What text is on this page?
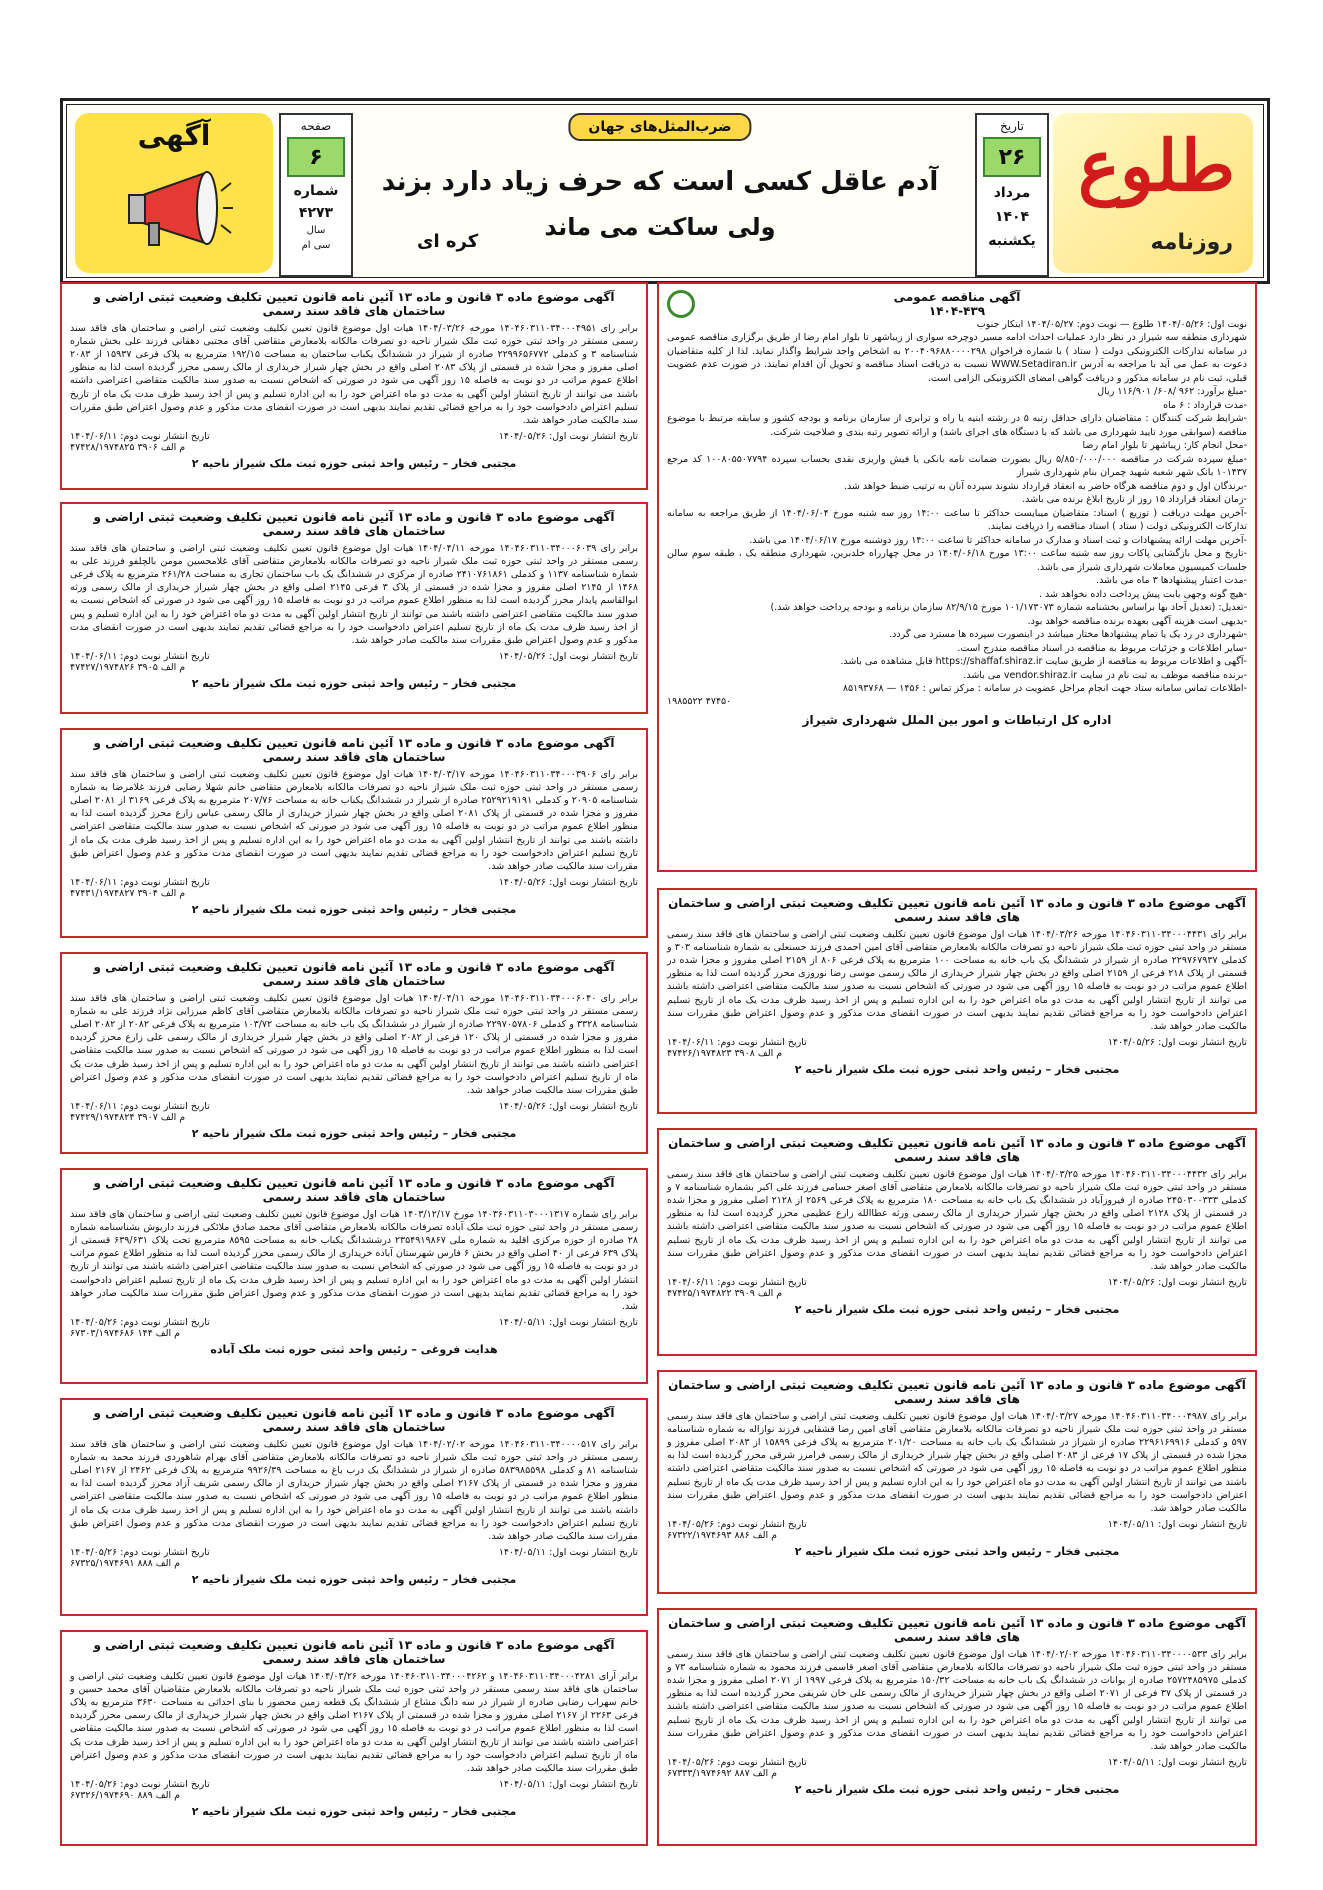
طلوع
روزنامه
تاریخ
۲۶
مرداد
۱۴۰۴
یکشنبه
ضرب‌المثل‌های جهان
آدم عاقل کسی است که حرف زیاد دارد بزند
ولی ساکت می ماند
کره ای
صفحه
۶
شماره
۴۲۷۳
سال
سی ام
آگهی
آگهی مناقصه عمومی
۱۴۰۴-۴۳۹
نوبت اول: ۱۴۰۴/۰۵/۲۶ طلوع — نوبت دوم: ۱۴۰۴/۰۵/۲۷ ابتکار جنوب
شهرداری منطقه سه شیراز در نظر دارد عملیات احداث ادامه مسیر دوچرخه سواری از زیباشهر تا بلوار امام رضا از طریق برگزاری مناقصه عمومی در سامانه تدارکات الکترونیکی دولت ( ستاد ) با شماره فراخوان ۲۰۰۴۰۹۶۸۸۰۰۰۰۲۹۸ به اشخاص واجد شرایط واگذار نماید. لذا از کلیه متقاضیان دعوت به عمل می آید با مراجعه به آدرس WWW.Setadiran.ir نسبت به دریافت اسناد مناقصه و تحویل آن اقدام نمایند. در صورت عدم عضویت قبلی، ثبت نام در سامانه مذکور و دریافت گواهی امضای الکترونیکی الزامی است.
-مبلغ برآورد: ۹۶۲ /۶۰۸/ ۱۱۶/۹۰۱ ریال
-مدت قرارداد : ۶ ماه
-شرایط شرکت کنندگان : متقاضیان دارای حداقل رتبه ۵ در رشته ابنیه یا راه و ترابری از سازمان برنامه و بودجه کشور و سابقه مرتبط با موضوع مناقصه (سوابقی مورد تایید شهرداری می باشد که با دستگاه های اجرای باشد) و ارائه تصویر رتبه بندی و صلاحیت شرکت.
-محل انجام کار: زیباشهر تا بلوار امام رضا
-مبلغ سپرده شرکت در مناقصه ۵/۸۵۰/۰۰۰/۰۰۰ ریال بصورت ضمانت نامه بانکی یا فیش واریزی نقدی بحساب سپرده ۱۰۰۸۰۵۵۰۷۷۹۴ کد مرجع ۱۰۱۴۳۷ بانک شهر شعبه شهید چمران بنام شهرداری شیراز
-برندگان اول و دوم مناقصه هرگاه حاضر به انعقاد قرارداد نشوند سپرده آنان به ترتیب ضبط خواهد شد.
-زمان انعقاد قرارداد ۱۵ روز از تاریخ ابلاغ برنده می باشد.
-آخرین مهلت دریافت ( توزیع ) اسناد: متقاضیان میبایست حداکثر تا ساعت ۱۴:۰۰ روز سه شنبه مورخ ۱۴۰۴/۰۶/۰۴ از طریق مراجعه به سامانه تدارکات الکترونیکی دولت ( ستاد ) اسناد مناقصه را دریافت نمایند.
-آخرین مهلت ارائه پیشنهادات و ثبت اسناد و مدارک در سامانه حداکثر تا ساعت ۱۴:۰۰ روز دوشنبه مورخ ۱۴۰۴/۰۶/۱۷ می باشد.
-تاریخ و محل بازگشایی پاکات روز سه شنبه ساعت ۱۳:۰۰ مورخ ۱۴۰۴/۰۶/۱۸ در محل چهارراه خلدبرین، شهرداری منطقه یک ، طبقه سوم سالن جلسات کمیسیون معاملات شهرداری شیراز می باشد.
-مدت اعتبار پیشنهادها ۳ ماه می باشد.
-هیچ گونه وجهی بابت پیش پرداخت داده نخواهد شد .
-تعدیل: (تعدیل آحاد بها براساس بخشنامه شماره ۱۰۱/۱۷۳۰۷۳ مورخ ۸۲/۹/۱۵ سازمان برنامه و بودجه پرداخت خواهد شد.)
-بدیهی است هزینه آگهی بعهده برنده مناقصه خواهد بود.
-شهرداری در رد یک یا تمام پیشنهادها مختار میباشد در اینصورت سپرده ها مسترد می گردد.
-سایر اطلاعات و جزئیات مربوط به مناقصه در اسناد مناقصه مندرج است.
-آگهی و اطلاعات مربوط به مناقصه از طریق سایت https://shaffaf.shiraz.ir قابل مشاهده می باشد.
-برنده مناقصه موظف به ثبت نام در سایت vendor.shiraz.ir می باشد.
-اطلاعات تماس سامانه ستاد جهت انجام مراحل عضویت در سامانه : مرکز تماس : ۱۴۵۶ — ۸۵۱۹۳۷۶۸
۱۹۸۵۵۲۲ ۴۷۴۵۰
اداره کل ارتباطات و امور بین الملل شهرداری شیراز
آگهی موضوع ماده ۳ قانون و ماده ۱۳ آئین نامه قانون تعیین تکلیف وضعیت ثبتی اراضی و ساختمان های فاقد سند رسمی
برابر رای ۱۴۰۴۶۰۳۱۱۰۳۴۰۰۰۴۴۳۱ مورخه ۱۴۰۴/۰۳/۲۶ هیات اول موضوع قانون تعیین تکلیف وضعیت ثبتی اراضی و ساختمان های فاقد سند رسمی مستقر در واحد ثبتی حوزه ثبت ملک شیراز ناحیه دو تصرفات مالکانه بلامعارض متقاضی آقای امین احمدی فرزند حسنعلی به شماره شناسنامه ۳۰۳ و کدملی ۲۲۹۷۶۷۹۳۷ صادره از شیراز در ششدانگ یک باب خانه به مساحت ۱۰۰ مترمربع به پلاک فرعی ۸۰۶ از ۲۱۵۹ اصلی مفروز و مجزا شده در قسمتی از پلاک ۲۱۸ فرعی از ۲۱۵۹ اصلی واقع در بخش چهار شیراز خریداری از مالک رسمی موسی رضا نوروزی محرز گردیده است لذا به منظور اطلاع عموم مراتب در دو نوبت به فاصله ۱۵ روز آگهی می شود در صورتی که اشخاص نسبت به صدور سند مالکیت متقاضی اعتراضی داشته باشند می توانند از تاریخ انتشار اولین آگهی به مدت دو ماه اعتراض خود را به این اداره تسلیم و پس از اخذ رسید ظرف مدت یک ماه از تاریخ تسلیم اعتراض دادخواست خود را به مراجع قضائی تقدیم نمایند بدیهی است در صورت انقضای مدت مذکور و عدم وصول اعتراض طبق مقررات سند مالکیت صادر خواهد شد.
تاریخ انتشار نوبت اول: ۱۴۰۴/۰۵/۲۶
تاریخ انتشار نوبت دوم: ۱۴۰۴/۰۶/۱۱
۴۷۴۲۶/۱۹۷۴۸۲۳ ۳۹۰۸ م الف
مجتبی فخار – رئیس واحد ثبتی حوزه ثبت ملک شیراز ناحیه ۲
آگهی موضوع ماده ۳ قانون و ماده ۱۳ آئین نامه قانون تعیین تکلیف وضعیت ثبتی اراضی و ساختمان های فاقد سند رسمی
برابر رای ۱۴۰۴۶۰۳۱۱۰۳۴۰۰۰۴۴۳۲ مورخه ۱۴۰۴/۰۳/۲۵ هیات اول موضوع قانون تعیین تکلیف وضعیت ثبتی اراضی و ساختمان های فاقد سند رسمی مستقر در واحد ثبتی حوزه ثبت ملک شیراز ناحیه دو تصرفات مالکانه بلامعارض متقاضی آقای اصغر حسامی فرزند علی اکبر بشماره شناسنامه ۷ و کدملی ۲۴۵۰۳۰۰۳۳۳ صادره از فیروزآباد در ششدانگ یک باب خانه به مساحت ۱۸۰ مترمربع به پلاک فرعی ۲۵۶۹ از ۲۱۲۸ اصلی مفروز و مجزا شده در قسمتی از پلاک ۲۱۲۸ اصلی واقع در بخش چهار شیراز خریداری از مالک رسمی ورثه عطاالله زارع عظیمی محرز گردیده است لذا به منظور اطلاع عموم مراتب در دو نوبت به فاصله ۱۵ روز آگهی می شود در صورتی که اشخاص نسبت به صدور سند مالکیت متقاضی اعتراضی داشته باشند می توانند از تاریخ انتشار اولین آگهی به مدت دو ماه اعتراض خود را به این اداره تسلیم و پس از اخذ رسید ظرف مدت یک ماه از تاریخ تسلیم اعتراض دادخواست خود را به مراجع قضائی تقدیم نمایند بدیهی است در صورت انقضای مدت مذکور و عدم وصول اعتراض طبق مقررات سند مالکیت صادر خواهد شد.
تاریخ انتشار نوبت اول: ۱۴۰۴/۰۵/۲۶
تاریخ انتشار نوبت دوم: ۱۴۰۴/۰۶/۱۱
۴۷۴۲۵/۱۹۷۴۸۲۲ ۳۹۰۹ م الف
مجتبی فخار – رئیس واحد ثبتی حوزه ثبت ملک شیراز ناحیه ۲
آگهی موضوع ماده ۳ قانون و ماده ۱۳ آئین نامه قانون تعیین تکلیف وضعیت ثبتی اراضی و ساختمان های فاقد سند رسمی
برابر رای ۱۴۰۴۶۰۳۱۱۰۳۴۰۰۰۴۹۸۷ مورخه ۱۴۰۴/۰۳/۲۷ هیات اول موضوع قانون تعیین تکلیف وضعیت ثبتی اراضی و ساختمان های فاقد سند رسمی مستقر در واحد ثبتی حوزه ثبت ملک شیراز ناحیه دو تصرفات مالکانه بلامعارض متقاضی آقای امین رضا قشقایی فرزند نوازاله به شماره شناسنامه ۵۹۷ و کدملی ۲۲۹۶۱۶۹۹۱۶ صادره از شیراز در ششدانگ یک باب خانه به مساحت ۲۰۱/۲۰ مترمربع به پلاک فرعی ۱۵۸۹۹ از ۲۰۸۳ اصلی مفروز و مجزا شده در قسمتی از پلاک ۱۷ فرعی از ۲۰۸۳ اصلی واقع در بخش چهار شیراز خریداری از مالک رسمی فرامرز شرقی محرز گردیده است لذا به منظور اطلاع عموم مراتب در دو نوبت به فاصله ۱۵ روز آگهی می شود در صورتی که اشخاص نسبت به صدور سند مالکیت متقاضی اعتراضی داشته باشند می توانند از تاریخ انتشار اولین آگهی به مدت دو ماه اعتراض خود را به این اداره تسلیم و پس از اخذ رسید ظرف مدت یک ماه از تاریخ تسلیم اعتراض دادخواست خود را به مراجع قضائی تقدیم نمایند بدیهی است در صورت انقضای مدت مذکور و عدم وصول اعتراض طبق مقررات سند مالکیت صادر خواهد شد.
تاریخ انتشار نوبت اول: ۱۴۰۴/۰۵/۱۱
تاریخ انتشار نوبت دوم: ۱۴۰۴/۰۵/۲۶
۶۷۳۲۲/۱۹۷۴۶۹۳ ۸۸۶ م الف
مجتبی فخار – رئیس واحد ثبتی حوزه ثبت ملک شیراز ناحیه ۲
آگهی موضوع ماده ۳ قانون و ماده ۱۳ آئین نامه قانون تعیین تکلیف وضعیت ثبتی اراضی و ساختمان های فاقد سند رسمی
برابر رای ۱۴۰۴۶۰۳۱۱۰۳۴۰۰۰۰۵۳۳ مورخه ۱۴۰۴/۰۲/۰۲ هیات اول موضوع قانون تعیین تکلیف وضعیت ثبتی اراضی و ساختمان های فاقد سند رسمی مستقر در واحد ثبتی حوزه ثبت ملک شیراز ناحیه دو تصرفات مالکانه بلامعارض متقاضی آقای اصغر قاسمی فرزند محمود به شماره شناسنامه ۷۳ و کدملی ۲۵۷۲۴۸۵۹۷۵ صادره از بوانات در ششدانگ یک باب خانه به مساحت ۱۵۰/۳۲ مترمربع به پلاک فرعی ۱۹۹۷ از ۲۰۷۱ اصلی مفروز و مجزا شده در قسمتی از پلاک ۳۷ فرعی از ۲۰۷۱ اصلی واقع در بخش چهار شیراز خریداری از مالک رسمی علی خان شریفی محرز گردیده است لذا به منظور اطلاع عموم مراتب در دو نوبت به فاصله ۱۵ روز آگهی می شود در صورتی که اشخاص نسبت به صدور سند مالکیت متقاضی اعتراضی داشته باشند می توانند از تاریخ انتشار اولین آگهی به مدت دو ماه اعتراض خود را به این اداره تسلیم و پس از اخذ رسید ظرف مدت یک ماه از تاریخ تسلیم اعتراض دادخواست خود را به مراجع قضائی تقدیم نمایند بدیهی است در صورت انقضای مدت مذکور و عدم وصول اعتراض طبق مقررات سند مالکیت صادر خواهد شد.
تاریخ انتشار نوبت اول: ۱۴۰۴/۰۵/۱۱
تاریخ انتشار نوبت دوم: ۱۴۰۴/۰۵/۲۶
۶۷۳۳۳/۱۹۷۴۶۹۲ ۸۸۷ م الف
مجتبی فخار – رئیس واحد ثبتی حوزه ثبت ملک شیراز ناحیه ۲
آگهی موضوع ماده ۳ قانون و ماده ۱۳ آئین نامه قانون تعیین تکلیف وضعیت ثبتی اراضی و ساختمان های فاقد سند رسمی
برابر رای ۱۴۰۴۶۰۳۱۱۰۳۴۰۰۰۴۹۵۱ مورخه ۱۴۰۴/۰۳/۲۶ هیات اول موضوع قانون تعیین تکلیف وضعیت ثبتی اراضی و ساختمان های فاقد سند رسمی مستقر در واحد ثبتی حوزه ثبت ملک شیراز ناحیه دو تصرفات مالکانه بلامعارض متقاضی آقای مجتبی دهقانی فرزند علی بخش شماره شناسنامه ۳ و کدملی ۲۲۹۹۶۵۶۷۷۲ صادره از شیراز در ششدانگ یکباب ساختمان به مساحت ۱۹۲/۱۵ مترمربع به پلاک فرعی ۱۵۹۳۷ از ۲۰۸۳ اصلی مفروز و مجزا شده در قسمتی از پلاک ۲۰۸۳ اصلی واقع در بخش چهار شیراز خریداری از مالک رسمی محرز گردیده است لذا به منظور اطلاع عموم مراتب در دو نوبت به فاصله ۱۵ روز آگهی می شود در صورتی که اشخاص نسبت به صدور سند مالکیت متقاضی اعتراضی داشته باشند می توانند از تاریخ انتشار اولین آگهی به مدت دو ماه اعتراض خود را به این اداره تسلیم و پس از اخذ رسید ظرف مدت یک ماه از تاریخ تسلیم اعتراض دادخواست خود را به مراجع قضائی تقدیم نمایند بدیهی است در صورت انقضای مدت مذکور و عدم وصول اعتراض طبق مقررات سند مالکیت صادر خواهد شد.
تاریخ انتشار نوبت اول: ۱۴۰۴/۰۵/۲۶
تاریخ انتشار نوبت دوم: ۱۴۰۴/۰۶/۱۱
۴۷۴۲۸/۱۹۷۴۸۲۵ ۳۹۰۶ م الف
مجتبی فخار – رئیس واحد ثبتی حوزه ثبت ملک شیراز ناحیه ۲
آگهی موضوع ماده ۳ قانون و ماده ۱۳ آئین نامه قانون تعیین تکلیف وضعیت ثبتی اراضی و ساختمان های فاقد سند رسمی
برابر رای ۱۴۰۴۶۰۳۱۱۰۳۴۰۰۰۶۰۳۹ مورخه ۱۴۰۴/۰۴/۱۱ هیات اول موضوع قانون تعیین تکلیف وضعیت ثبتی اراضی و ساختمان های فاقد سند رسمی مستقر در واحد ثبتی حوزه ثبت ملک شیراز ناحیه دو تصرفات مالکانه بلامعارض متقاضی آقای غلامحسین مومن بالچلفو فرزند علی به شماره شناسنامه ۱۱۳۷ و کدملی ۲۴۱۰۷۶۱۸۶۱ صادره از مرکزی در ششدانگ یک باب ساختمان تجاری به مساحت ۲۶۱/۲۸ مترمربع به پلاک فرعی ۱۴۶۸ از ۲۱۴۵ اصلی مفروز و مجزا شده در قسمتی از پلاک ۳ فرعی ۲۱۴۵ اصلی واقع در بخش چهار شیراز خریداری از مالک رسمی ورثه ابوالقاسم پایدار محرز گردیده است لذا به منظور اطلاع عموم مراتب در دو نوبت به فاصله ۱۵ روز آگهی می شود در صورتی که اشخاص نسبت به صدور سند مالکیت متقاضی اعتراضی داشته باشند می توانند از تاریخ انتشار اولین آگهی به مدت دو ماه اعتراض خود را به این اداره تسلیم و پس از اخذ رسید ظرف مدت یک ماه از تاریخ تسلیم اعتراض دادخواست خود را به مراجع قضائی تقدیم نمایند بدیهی است در صورت انقضای مدت مذکور و عدم وصول اعتراض طبق مقررات سند مالکیت صادر خواهد شد.
تاریخ انتشار نوبت اول: ۱۴۰۴/۰۵/۲۶
تاریخ انتشار نوبت دوم: ۱۴۰۴/۰۶/۱۱
۴۷۴۲۷/۱۹۷۴۸۲۶ ۳۹۰۵ م الف
مجتبی فخار – رئیس واحد ثبتی حوزه ثبت ملک شیراز ناحیه ۲
آگهی موضوع ماده ۳ قانون و ماده ۱۳ آئین نامه قانون تعیین تکلیف وضعیت ثبتی اراضی و ساختمان های فاقد سند رسمی
برابر رای ۱۴۰۴۶۰۳۱۱۰۳۴۰۰۰۳۹۰۶ مورخه ۱۴۰۴/۰۳/۱۷ هیات اول موضوع قانون تعیین تکلیف وضعیت ثبتی اراضی و ساختمان های فاقد سند رسمی مستقر در واحد ثبتی حوزه ثبت ملک شیراز ناحیه دو تصرفات مالکانه بلامعارض متقاضی خانم شهلا رضایی فرزند غلامرضا به شماره شناسنامه ۲۰۹۰۵ و کدملی ۲۵۲۹۲۱۹۱۹۱ صادره از شیراز در ششدانگ یکباب خانه به مساحت ۲۰۷/۷۶ مترمربع به پلاک فرعی ۳۱۶۹ از ۲۰۸۱ اصلی مفروز و مجزا شده در قسمتی از پلاک ۲۰۸۱ اصلی واقع در بخش چهار شیراز خریداری از مالک رسمی عباس زارع محرز گردیده است لذا به منظور اطلاع عموم مراتب در دو نوبت به فاصله ۱۵ روز آگهی می شود در صورتی که اشخاص نسبت به صدور سند مالکیت متقاضی اعتراضی داشته باشند می توانند از تاریخ انتشار اولین آگهی به مدت دو ماه اعتراض خود را به این اداره تسلیم و پس از اخذ رسید ظرف مدت یک ماه از تاریخ تسلیم اعتراض دادخواست خود را به مراجع قضائی تقدیم نمایند بدیهی است در صورت انقضای مدت مذکور و عدم وصول اعتراض طبق مقررات سند مالکیت صادر خواهد شد.
تاریخ انتشار نوبت اول: ۱۴۰۴/۰۵/۲۶
تاریخ انتشار نوبت دوم: ۱۴۰۴/۰۶/۱۱
۴۷۴۳۱/۱۹۷۴۸۲۷ ۳۹۰۴ م الف
مجتبی فخار – رئیس واحد ثبتی حوزه ثبت ملک شیراز ناحیه ۲
آگهی موضوع ماده ۳ قانون و ماده ۱۳ آئین نامه قانون تعیین تکلیف وضعیت ثبتی اراضی و ساختمان های فاقد سند رسمی
برابر رای ۱۴۰۴۶۰۳۱۱۰۳۴۰۰۰۶۰۴۰ مورخه ۱۴۰۴/۰۴/۱۱ هیات اول موضوع قانون تعیین تکلیف وضعیت ثبتی اراضی و ساختمان های فاقد سند رسمی مستقر در واحد ثبتی حوزه ثبت ملک شیراز ناحیه دو تصرفات مالکانه بلامعارض متقاضی آقای کاظم میرزایی نژاد فرزند علی به شماره شناسنامه ۳۳۲۸ و کدملی ۲۲۹۷۰۵۷۸۰۶ صادره از شیراز در ششدانگ یک باب خانه به مساحت ۱۰۳/۷۲ مترمربع به پلاک فرعی ۲۰۸۲ از ۲۰۸۲ اصلی مفروز و مجزا شده در قسمتی از پلاک ۱۲۰ فرعی از ۲۰۸۲ اصلی واقع در بخش چهار شیراز خریداری از مالک رسمی علی زارع محرز گردیده است لذا به منظور اطلاع عموم مراتب در دو نوبت به فاصله ۱۵ روز آگهی می شود در صورتی که اشخاص نسبت به صدور سند مالکیت متقاضی اعتراضی داشته باشند می توانند از تاریخ انتشار اولین آگهی به مدت دو ماه اعتراض خود را به این اداره تسلیم و پس از اخذ رسید ظرف مدت یک ماه از تاریخ تسلیم اعتراض دادخواست خود را به مراجع قضائی تقدیم نمایند بدیهی است در صورت انقضای مدت مذکور و عدم وصول اعتراض طبق مقررات سند مالکیت صادر خواهد شد.
تاریخ انتشار نوبت اول: ۱۴۰۴/۰۵/۲۶
تاریخ انتشار نوبت دوم: ۱۴۰۴/۰۶/۱۱
۴۷۴۲۹/۱۹۷۴۸۲۴ ۳۹۰۷ م الف
مجتبی فخار – رئیس واحد ثبتی حوزه ثبت ملک شیراز ناحیه ۲
آگهی موضوع ماده ۳ قانون و ماده ۱۳ آئین نامه قانون تعیین تکلیف وضعیت ثبتی اراضی و ساختمان های فاقد سند رسمی
برابر رای شماره ۱۴۰۳۶۰۳۱۱۰۳۰۰۰۱۳۱۷ مورخ ۱۴۰۳/۱۲/۱۷ هیات اول موضوع قانون تعیین تکلیف وضعیت ثبتی اراضی و ساختمان های فاقد سند رسمی مستقر در واحد ثبتی حوزه ثبت ملک آباده تصرفات مالکانه بلامعارض متقاضی آقای محمد صادق ملائکی فرزند داریوش بشناسنامه شماره ۲۸ صادره از حوزه مرکزی اقلید به شماره ملی ۲۳۵۴۹۱۹۸۶۷ درششدانگ یکباب خانه به مساحت ۸۵۹۵ مترمربع تحت پلاک ۶۳۹/۶۳۱ قسمتی از پلاک ۶۳۹ فرعی از ۴۰ اصلی واقع در بخش ۶ فارس شهرستان آباده خریداری از مالک رسمی محرز گردیده است لذا به منظور اطلاع عموم مراتب در دو نوبت به فاصله ۱۵ روز آگهی می شود در صورتی که اشخاص نسبت به صدور سند مالکیت متقاضی اعتراضی داشته باشند می توانند از تاریخ انتشار اولین آگهی به مدت دو ماه اعتراض خود را به این اداره تسلیم و پس از اخذ رسید ظرف مدت یک ماه از تاریخ تسلیم اعتراض دادخواست خود را به مراجع قضائی تقدیم نمایند بدیهی است در صورت انقضای مدت مذکور و عدم وصول اعتراض طبق مقررات سند مالکیت صادر خواهد شد.
تاریخ انتشار نوبت اول: ۱۴۰۴/۰۵/۱۱
تاریخ انتشار نوبت دوم: ۱۴۰۴/۰۵/۲۶
۶۷۳۰۳/۱۹۷۴۶۸۶ ۱۴۴ م الف
هدایت فروغی – رئیس واحد ثبتی حوزه ثبت ملک آباده
آگهی موضوع ماده ۳ قانون و ماده ۱۳ آئین نامه قانون تعیین تکلیف وضعیت ثبتی اراضی و ساختمان های فاقد سند رسمی
برابر رای ۱۴۰۴۶۰۳۱۱۰۳۴۰۰۰۰۵۱۷ مورخه ۱۴۰۴/۰۲/۰۲ هیات اول موضوع قانون تعیین تکلیف وضعیت ثبتی اراضی و ساختمان های فاقد سند رسمی مستقر در واحد ثبتی حوزه ثبت ملک شیراز ناحیه دو تصرفات مالکانه بلامعارض متقاضی آقای بهرام شاهوردی فرزند محمد به شماره شناسنامه ۸۱ و کدملی ۵۸۳۹۸۵۵۹۸ صادره از شیراز در ششدانگ یک درب باغ به مساحت ۹۹۲۶/۳۹ مترمربع به پلاک فرعی ۲۴۶۲ از ۲۱۶۷ اصلی مفروز و مجزا شده در قسمتی از پلاک ۲۱۶۷ اصلی واقع در بخش چهار شیراز خریداری از مالک رسمی شریف آزاد محرز گردیده است لذا به منظور اطلاع عموم مراتب در دو نوبت به فاصله ۱۵ روز آگهی می شود در صورتی که اشخاص نسبت به صدور سند مالکیت متقاضی اعتراضی داشته باشند می توانند از تاریخ انتشار اولین آگهی به مدت دو ماه اعتراض خود را به این اداره تسلیم و پس از اخذ رسید ظرف مدت یک ماه از تاریخ تسلیم اعتراض دادخواست خود را به مراجع قضائی تقدیم نمایند بدیهی است در صورت انقضای مدت مذکور و عدم وصول اعتراض طبق مقررات سند مالکیت صادر خواهد شد.
تاریخ انتشار نوبت اول: ۱۴۰۴/۰۵/۱۱
تاریخ انتشار نوبت دوم: ۱۴۰۴/۰۵/۲۶
۶۷۳۲۵/۱۹۷۴۶۹۱ ۸۸۸ م الف
مجتبی فخار – رئیس واحد ثبتی حوزه ثبت ملک شیراز ناحیه ۲
آگهی موضوع ماده ۳ قانون و ماده ۱۳ آئین نامه قانون تعیین تکلیف وضعیت ثبتی اراضی و ساختمان های فاقد سند رسمی
برابر آرای ۱۴۰۴۶۰۳۱۱۰۳۴۰۰۰۴۲۸۱ و ۱۴۰۴۶۰۳۱۱۰۳۴۰۰۰۴۲۶۲ مورخه ۱۴۰۴/۰۳/۲۶ هیات اول موضوع قانون تعیین تکلیف وضعیت ثبتی اراضی و ساختمان های فاقد سند رسمی مستقر در واحد ثبتی حوزه ثبت ملک شیراز ناحیه دو تصرفات مالکانه بلامعارض متقاضیان آقای محمد حسین و خانم سهراب رضایی صادره از شیراز در سه دانگ مشاع از ششدانگ یک قطعه زمین محصور با بنای احداثی به مساحت ۳۶۳۰ مترمربع به پلاک فرعی ۲۲۶۳ از ۲۱۶۷ اصلی مفروز و مجزا شده در قسمتی از پلاک ۲۱۶۷ اصلی واقع در بخش چهار شیراز خریداری از مالک رسمی محرز گردیده است لذا به منظور اطلاع عموم مراتب در دو نوبت به فاصله ۱۵ روز آگهی می شود در صورتی که اشخاص نسبت به صدور سند مالکیت متقاضی اعتراضی داشته باشند می توانند از تاریخ انتشار اولین آگهی به مدت دو ماه اعتراض خود را به این اداره تسلیم و پس از اخذ رسید ظرف مدت یک ماه از تاریخ تسلیم اعتراض دادخواست خود را به مراجع قضائی تقدیم نمایند بدیهی است در صورت انقضای مدت مذکور و عدم وصول اعتراض طبق مقررات سند مالکیت صادر خواهد شد.
تاریخ انتشار نوبت اول: ۱۴۰۴/۰۵/۱۱
تاریخ انتشار نوبت دوم: ۱۴۰۴/۰۵/۲۶
۶۷۳۲۶/۱۹۷۴۶۹۰ ۸۸۹ م الف
مجتبی فخار – رئیس واحد ثبتی حوزه ثبت ملک شیراز ناحیه ۲
